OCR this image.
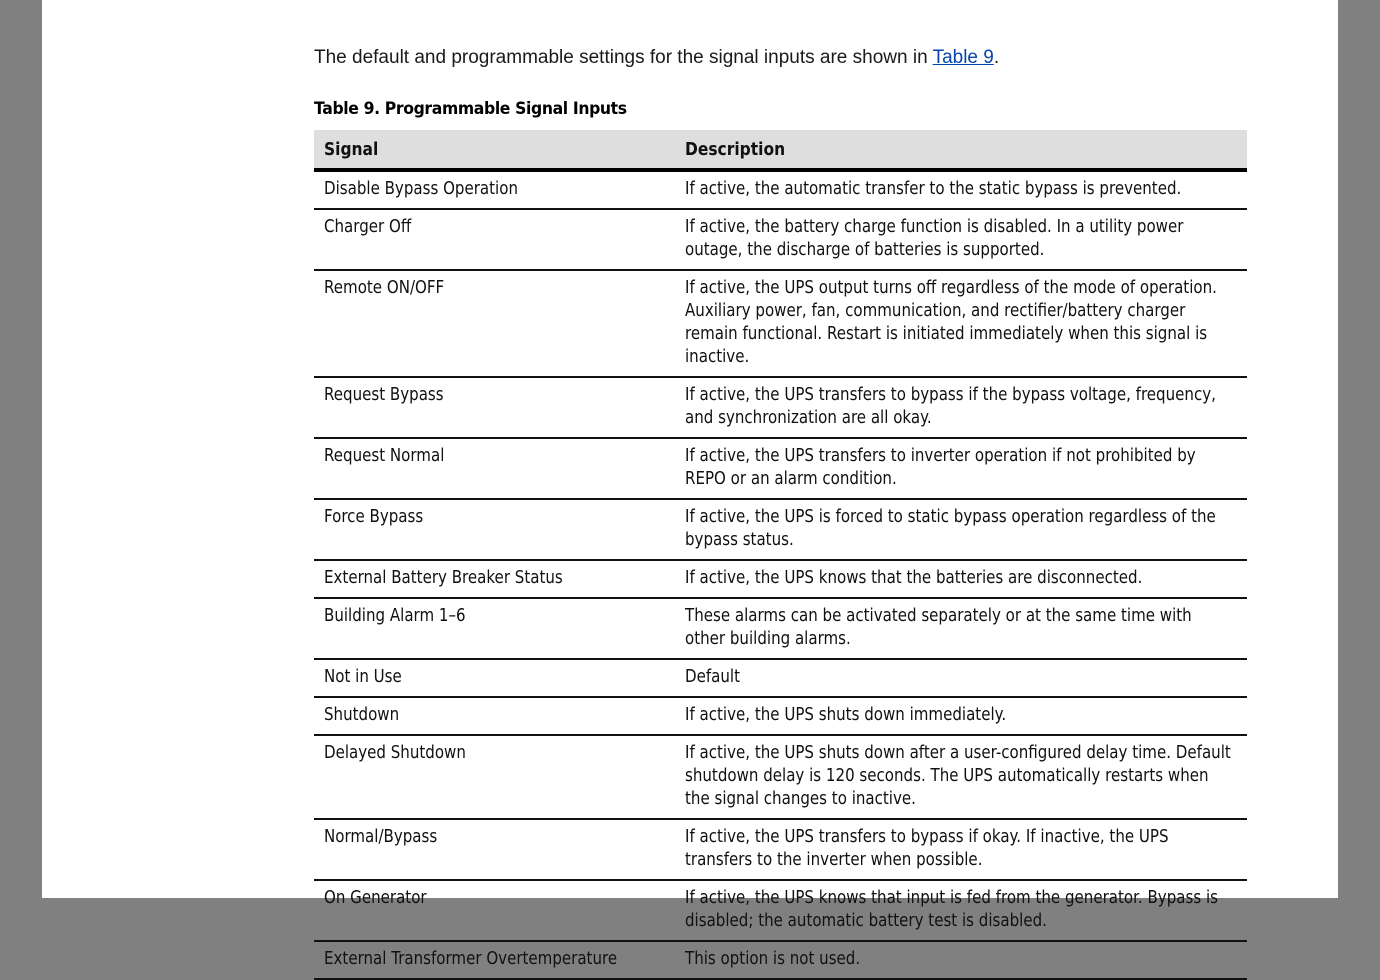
The default and programmable settings for the signal inputs are shown in Table 9.

Table 9. Programmable Signal Inputs

Signal	Description
Disable Bypass Operation	If active, the automatic transfer to the static bypass is prevented.

Charger Off	If active, the battery charge function is disabled. In a utility power outage, the discharge of batteries is supported.

Remote ON/OFF	If active, the UPS output turns off regardless of the mode of operation. Auxiliary power, fan, communication, and rectifier/battery charger remain functional. Restart is initiated immediately when this signal is inactive.

Request Bypass	If active, the UPS transfers to bypass if the bypass voltage, frequency, and synchronization are all okay.

Request Normal	If active, the UPS transfers to inverter operation if not prohibited by REPO or an alarm condition.

Force Bypass	If active, the UPS is forced to static bypass operation regardless of the bypass status.

External Battery Breaker Status	If active, the UPS knows that the batteries are disconnected.

Building Alarm 1–6	These alarms can be activated separately or at the same time with other building alarms.

Not in Use	Default

Shutdown	If active, the UPS shuts down immediately.

Delayed Shutdown	If active, the UPS shuts down after a user-configured delay time. Default shutdown delay is 120 seconds. The UPS automatically restarts when the signal changes to inactive.

Normal/Bypass	If active, the UPS transfers to bypass if okay. If inactive, the UPS transfers to the inverter when possible.

On Generator	If active, the UPS knows that input is fed from the generator. Bypass is disabled; the automatic battery test is disabled.

External Transformer Overtemperature	This option is not used.
